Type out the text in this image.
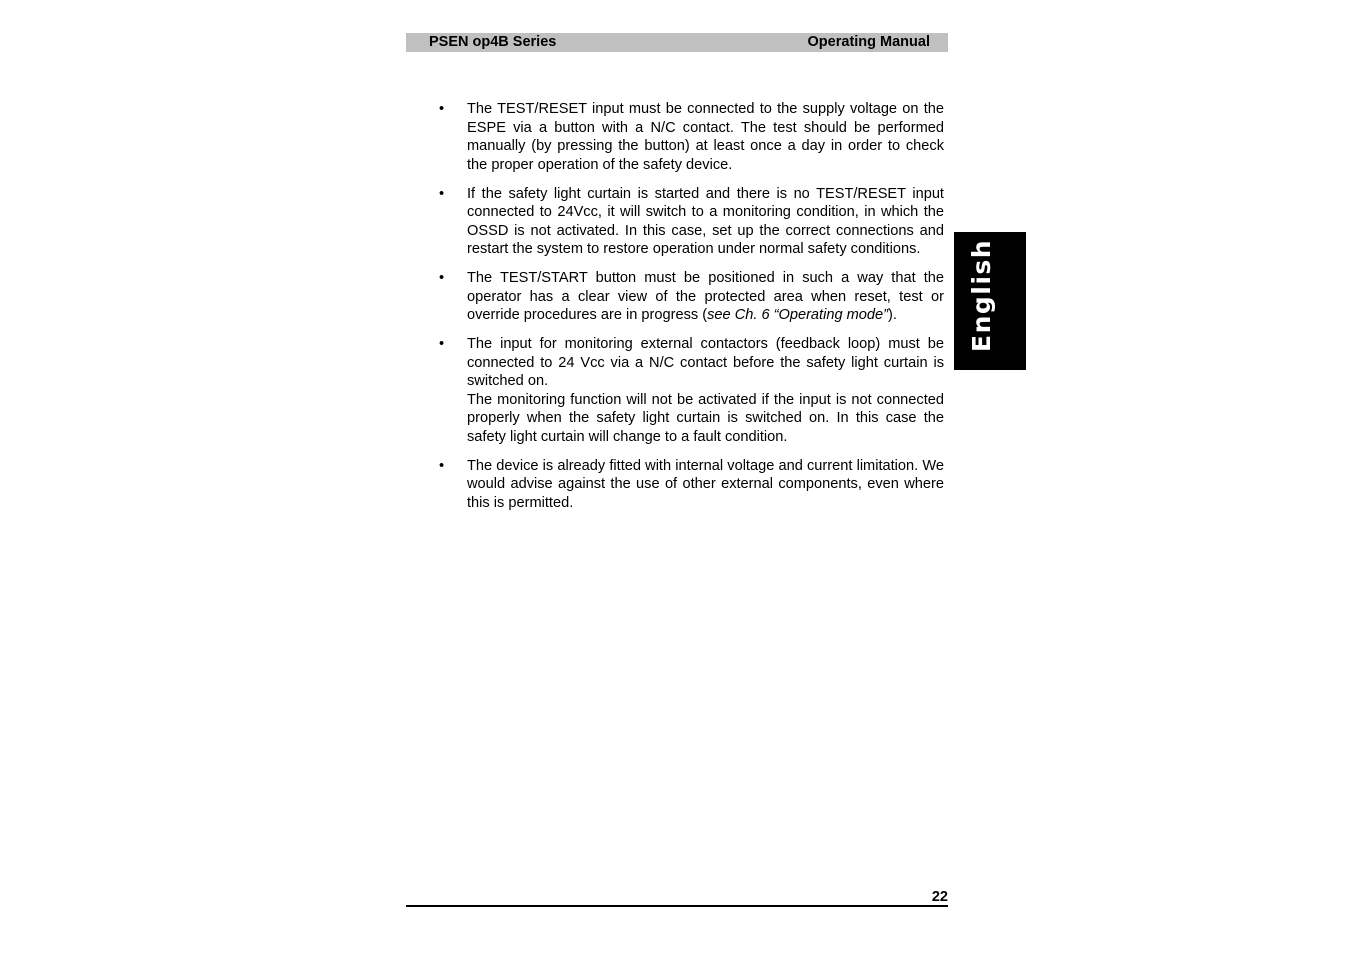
PSEN op4B Series	Operating Manual
English
• The TEST/RESET input must be connected to the supply voltage on the ESPE via a button with a N/C contact. The test should be performed manually (by pressing the button) at least once a day in order to check the proper operation of the safety device.

• If the safety light curtain is started and there is no TEST/RESET input connected to 24Vcc, it will switch to a monitoring condition, in which the OSSD is not activated. In this case, set up the correct connections and restart the system to restore operation under normal safety conditions.

• The TEST/START button must be positioned in such a way that the operator has a clear view of the protected area when reset, test or override procedures are in progress (see Ch. 6 “Operating mode”).

• The input for monitoring external contactors (feedback loop) must be connected to 24 Vcc via a N/C contact before the safety light curtain is switched on.

The monitoring function will not be activated if the input is not connected properly when the safety light curtain is switched on. In this case the safety light curtain will change to a fault condition.

• The device is already fitted with internal voltage and current limitation. We would advise against the use of other external components, even where this is permitted.

22
